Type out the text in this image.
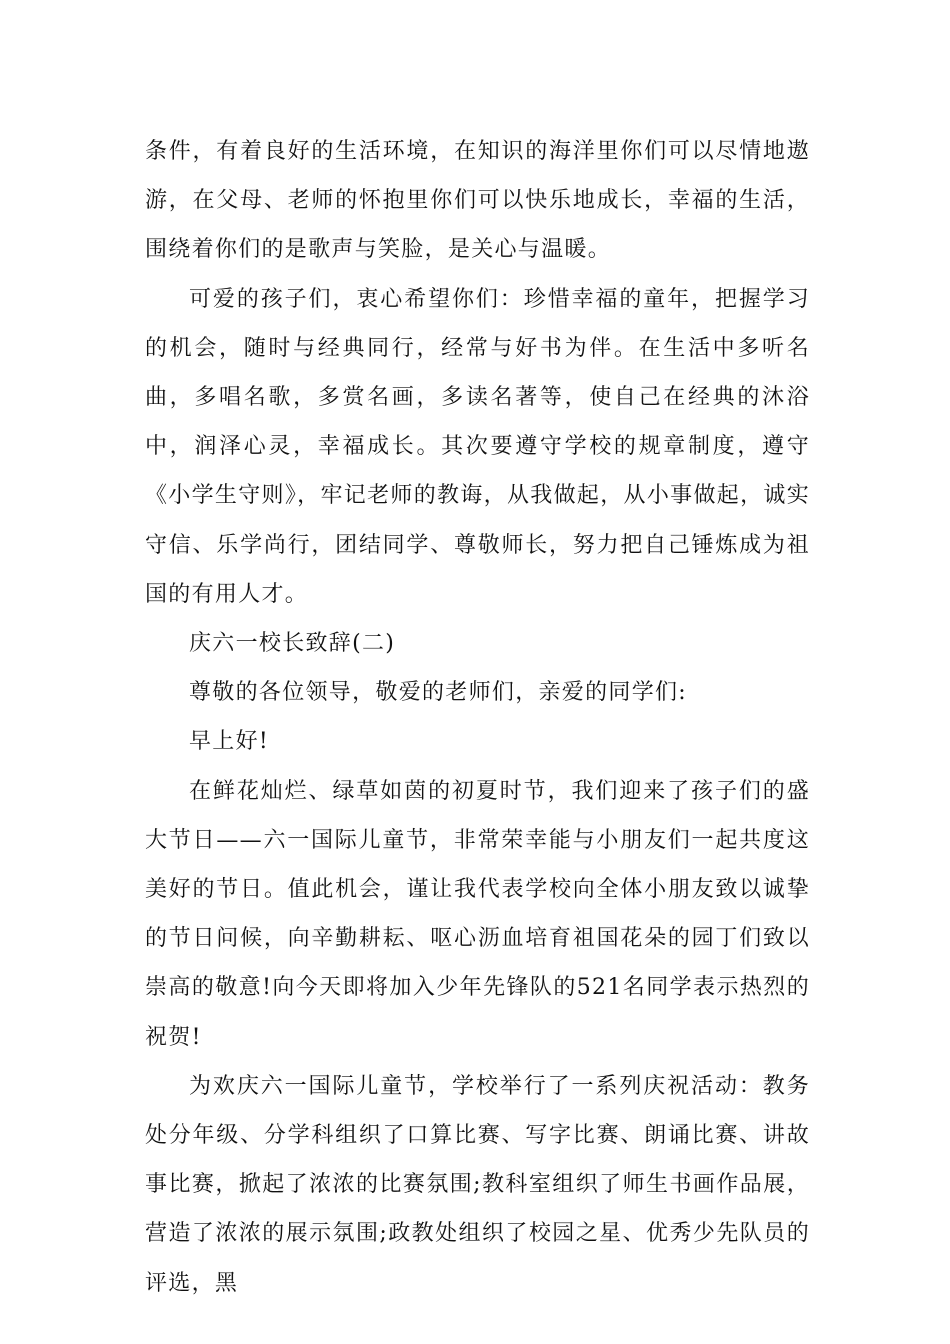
条件，有着良好的生活环境，在知识的海洋里你们可以尽情地遨游，在父母、老师的怀抱里你们可以快乐地成长，幸福的生活，围绕着你们的是歌声与笑脸，是关心与温暖。

可爱的孩子们，衷心希望你们：珍惜幸福的童年，把握学习的机会，随时与经典同行，经常与好书为伴。在生活中多听名曲，多唱名歌，多赏名画，多读名著等，使自己在经典的沐浴中，润泽心灵，幸福成长。其次要遵守学校的规章制度，遵守《小学生守则》，牢记老师的教诲，从我做起，从小事做起，诚实守信、乐学尚行，团结同学、尊敬师长，努力把自己锤炼成为祖国的有用人才。

庆六一校长致辞(二)

尊敬的各位领导，敬爱的老师们，亲爱的同学们:

早上好!

在鲜花灿烂、绿草如茵的初夏时节，我们迎来了孩子们的盛大节日——六一国际儿童节，非常荣幸能与小朋友们一起共度这美好的节日。值此机会，谨让我代表学校向全体小朋友致以诚挚的节日问候，向辛勤耕耘、呕心沥血培育祖国花朵的园丁们致以崇高的敬意!向今天即将加入少年先锋队的521名同学表示热烈的祝贺!

为欢庆六一国际儿童节，学校举行了一系列庆祝活动：教务处分年级、分学科组织了口算比赛、写字比赛、朗诵比赛、讲故事比赛，掀起了浓浓的比赛氛围;教科室组织了师生书画作品展，营造了浓浓的展示氛围;政教处组织了校园之星、优秀少先队员的评选，黑
